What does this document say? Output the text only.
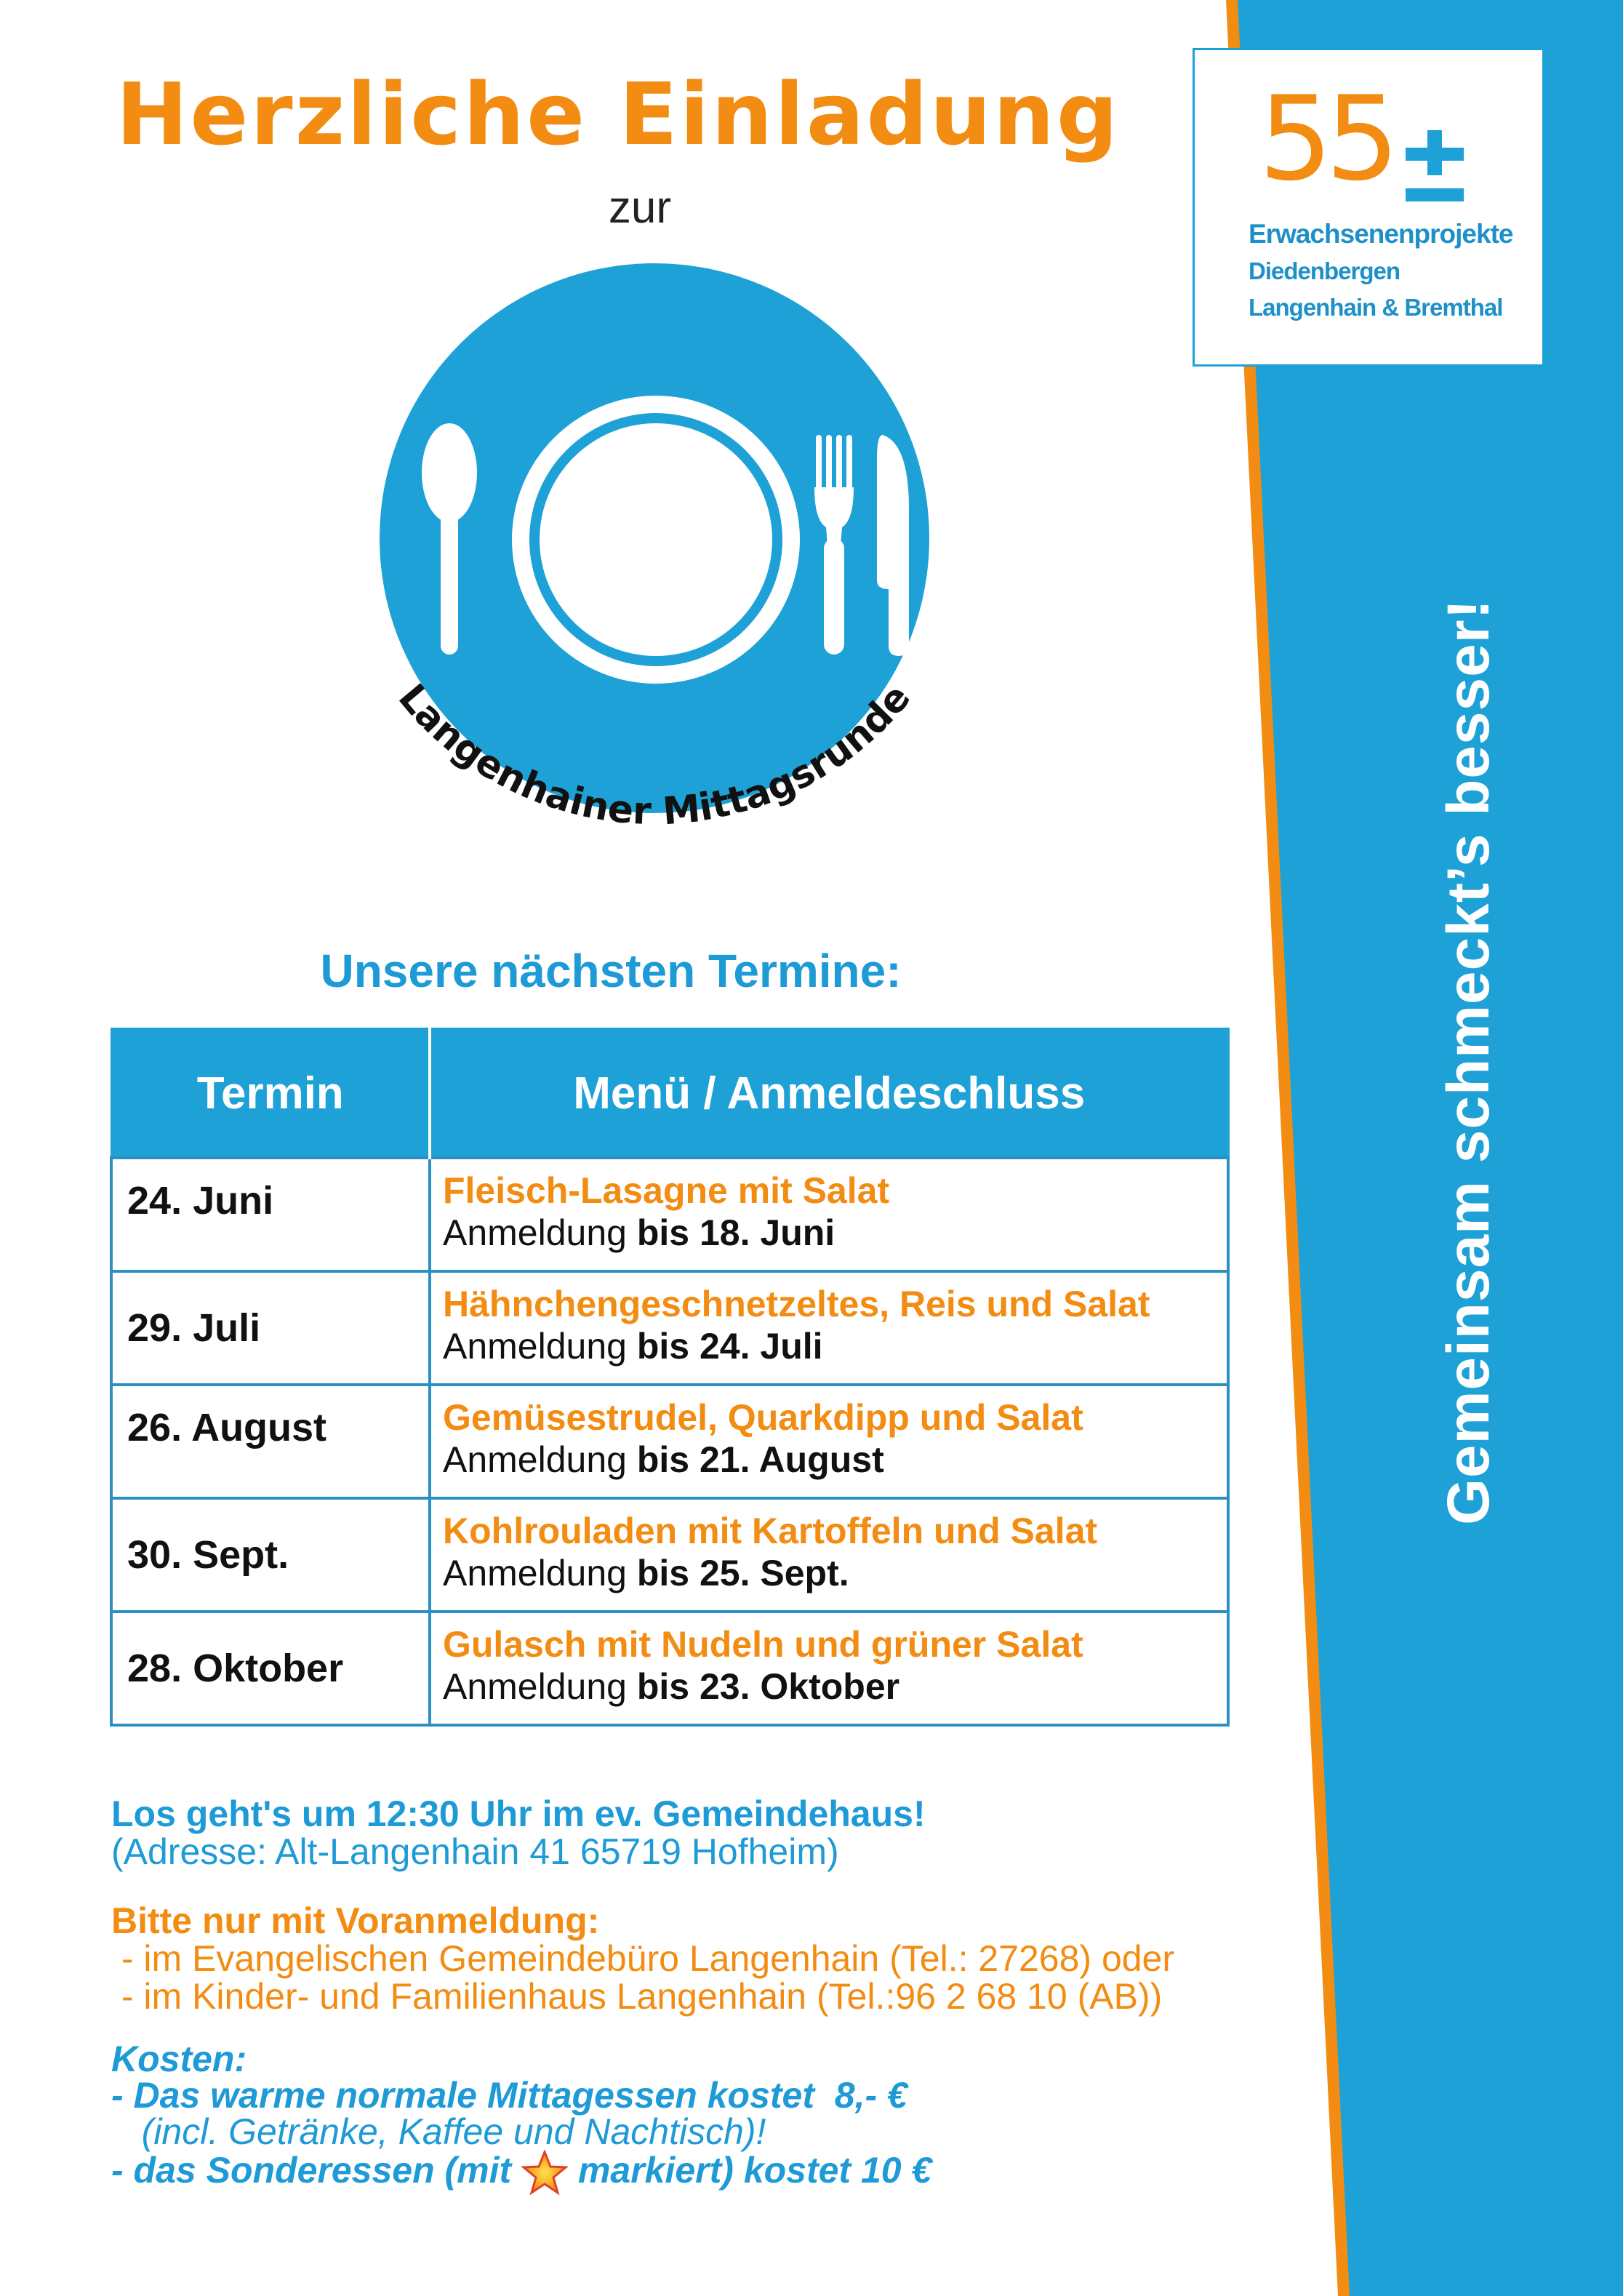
55
Erwachsenenprojekte
Diedenbergen
Langenhain & Bremthal
Gemeinsam schmeckt’s besser!
Herzliche Einladung
zur
Langenhainer Mittagsrunde
Unsere nächsten Termine:
Termin	Menü / Anmeldeschluss
24. Juni	Fleisch-Lasagne mit Salat
Anmeldung bis 18. Juni

29. Juli	Hähnchengeschnetzeltes, Reis und Salat
Anmeldung bis 24. Juli

26. August	Gemüsestrudel, Quarkdipp und Salat
Anmeldung bis 21. August

30. Sept.	Kohlrouladen mit Kartoffeln und Salat
Anmeldung bis 25. Sept.

28. Oktober	Gulasch mit Nudeln und grüner Salat
Anmeldung bis 23. Oktober
Los geht's um 12:30 Uhr im ev. Gemeindehaus!
(Adresse: Alt-Langenhain 41 65719 Hofheim)
Bitte nur mit Voranmeldung:
- im Evangelischen Gemeindebüro Langenhain (Tel.: 27268) oder
- im Kinder- und Familienhaus Langenhain (Tel.:96 2 68 10 (AB))
Kosten:
- Das warme normale Mittagessen kostet  8,- €
(incl. Getränke, Kaffee und Nachtisch)!
- das Sonderessen (mit  markiert) kostet 10 €
